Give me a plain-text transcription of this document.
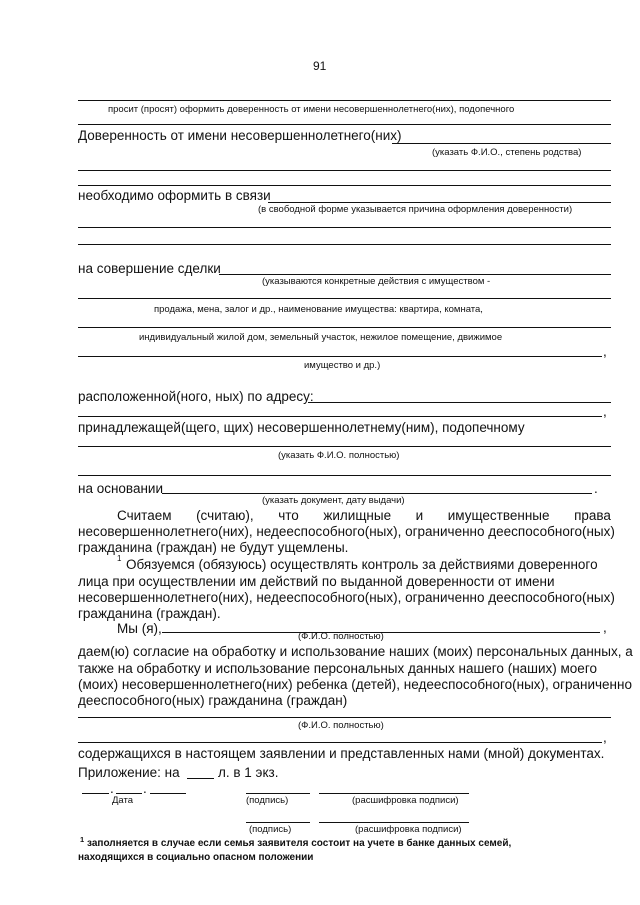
91
просит (просят) оформить доверенность от имени несовершеннолетнего(них), подопечного
Доверенность от имени несовершеннолетнего(них)
(указать Ф.И.О., степень родства)
необходимо оформить в связи
(в свободной форме указывается причина оформления доверенности)
на совершение сделки
(указываются конкретные действия с имуществом -
продажа, мена, залог и др., наименование имущества: квартира, комната,
индивидуальный жилой дом, земельный участок, нежилое помещение, движимое
,
имущество и др.)
расположенной(ного, ных) по адресу:
,
принадлежащей(щего, щих) несовершеннолетнему(ним), подопечному
(указать Ф.И.О. полностью)
на основании	.
(указать документ, дату выдачи)
Считаем (считаю), что жилищные и имущественные права
несовершеннолетнего(них), недееспособного(ных), ограниченно дееспособного(ных)
гражданина (граждан) не будут ущемлены.
1 Обязуемся (обязуюсь) осуществлять контроль за действиями доверенного
лица при осуществлении им действий по выданной доверенности от имени
несовершеннолетнего(них), недееспособного(ных), ограниченно дееспособного(ных)
гражданина (граждан).
Мы (я),	,
(Ф.И.О. полностью)
даем(ю) согласие на обработку и использование наших (моих) персональных данных, а
также на обработку и использование персональных данных нашего (наших) моего
(моих) несовершеннолетнего(них) ребенка (детей), недееспособного(ных), ограниченно
дееспособного(ных) гражданина (граждан)
(Ф.И.О. полностью)
,
содержащихся в настоящем заявлении и представленных нами (мной) документах.
Приложение: на	л. в 1 экз.
. .
Дата	(подпись)	(расшифровка подписи)
(подпись)	(расшифровка подписи)
1 заполняется в случае если семья заявителя состоит на учете в банке данных семей,
находящихся в социально опасном положении
